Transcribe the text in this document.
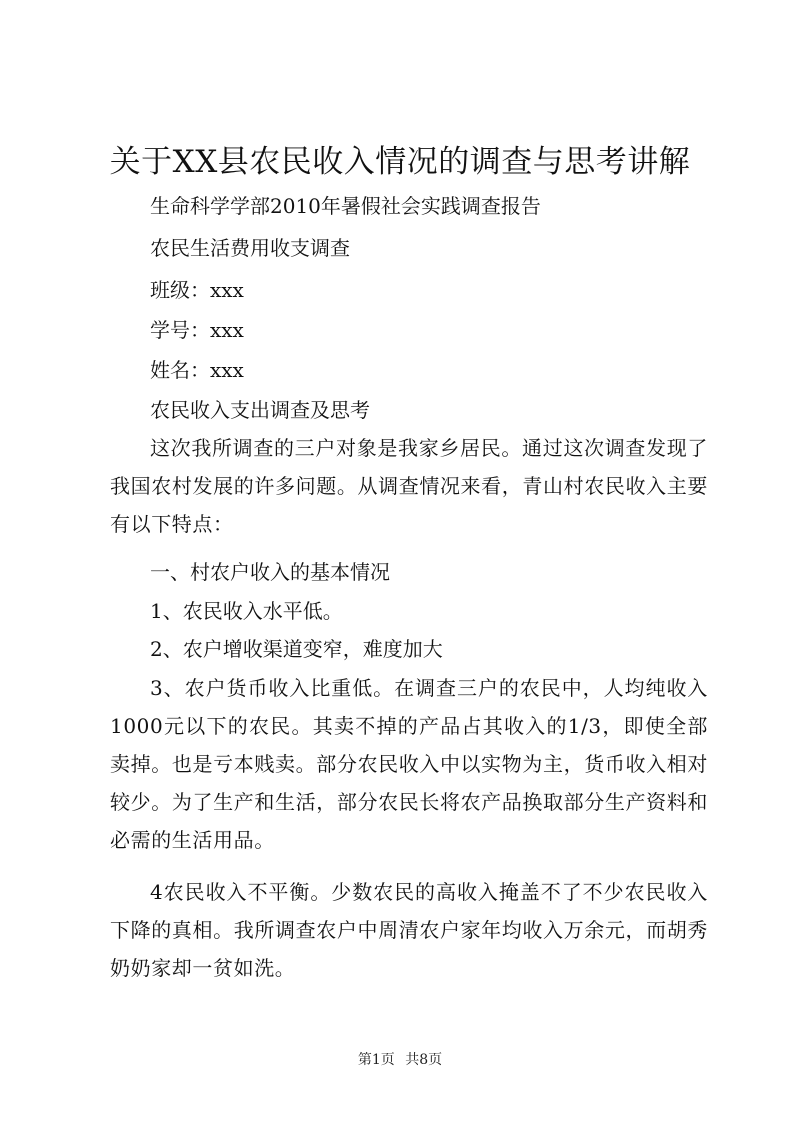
关于XX县农民收入情况的调查与思考讲解

生命科学学部2010年暑假社会实践调查报告

农民生活费用收支调查

班级：xxx

学号：xxx

姓名：xxx

农民收入支出调查及思考

这次我所调查的三户对象是我家乡居民。通过这次调查发现了我国农村发展的许多问题。从调查情况来看，青山村农民收入主要有以下特点：

一、村农户收入的基本情况

1、农民收入水平低。

2、农户增收渠道变窄，难度加大

3、农户货币收入比重低。在调查三户的农民中，人均纯收入1000元以下的农民。其卖不掉的产品占其收入的1/3，即使全部卖掉。也是亏本贱卖。部分农民收入中以实物为主，货币收入相对较少。为了生产和生活，部分农民长将农产品换取部分生产资料和必需的生活用品。

4农民收入不平衡。少数农民的高收入掩盖不了不少农民收入下降的真相。我所调查农户中周清农户家年均收入万余元，而胡秀奶奶家却一贫如洗。

第1页 共8页
